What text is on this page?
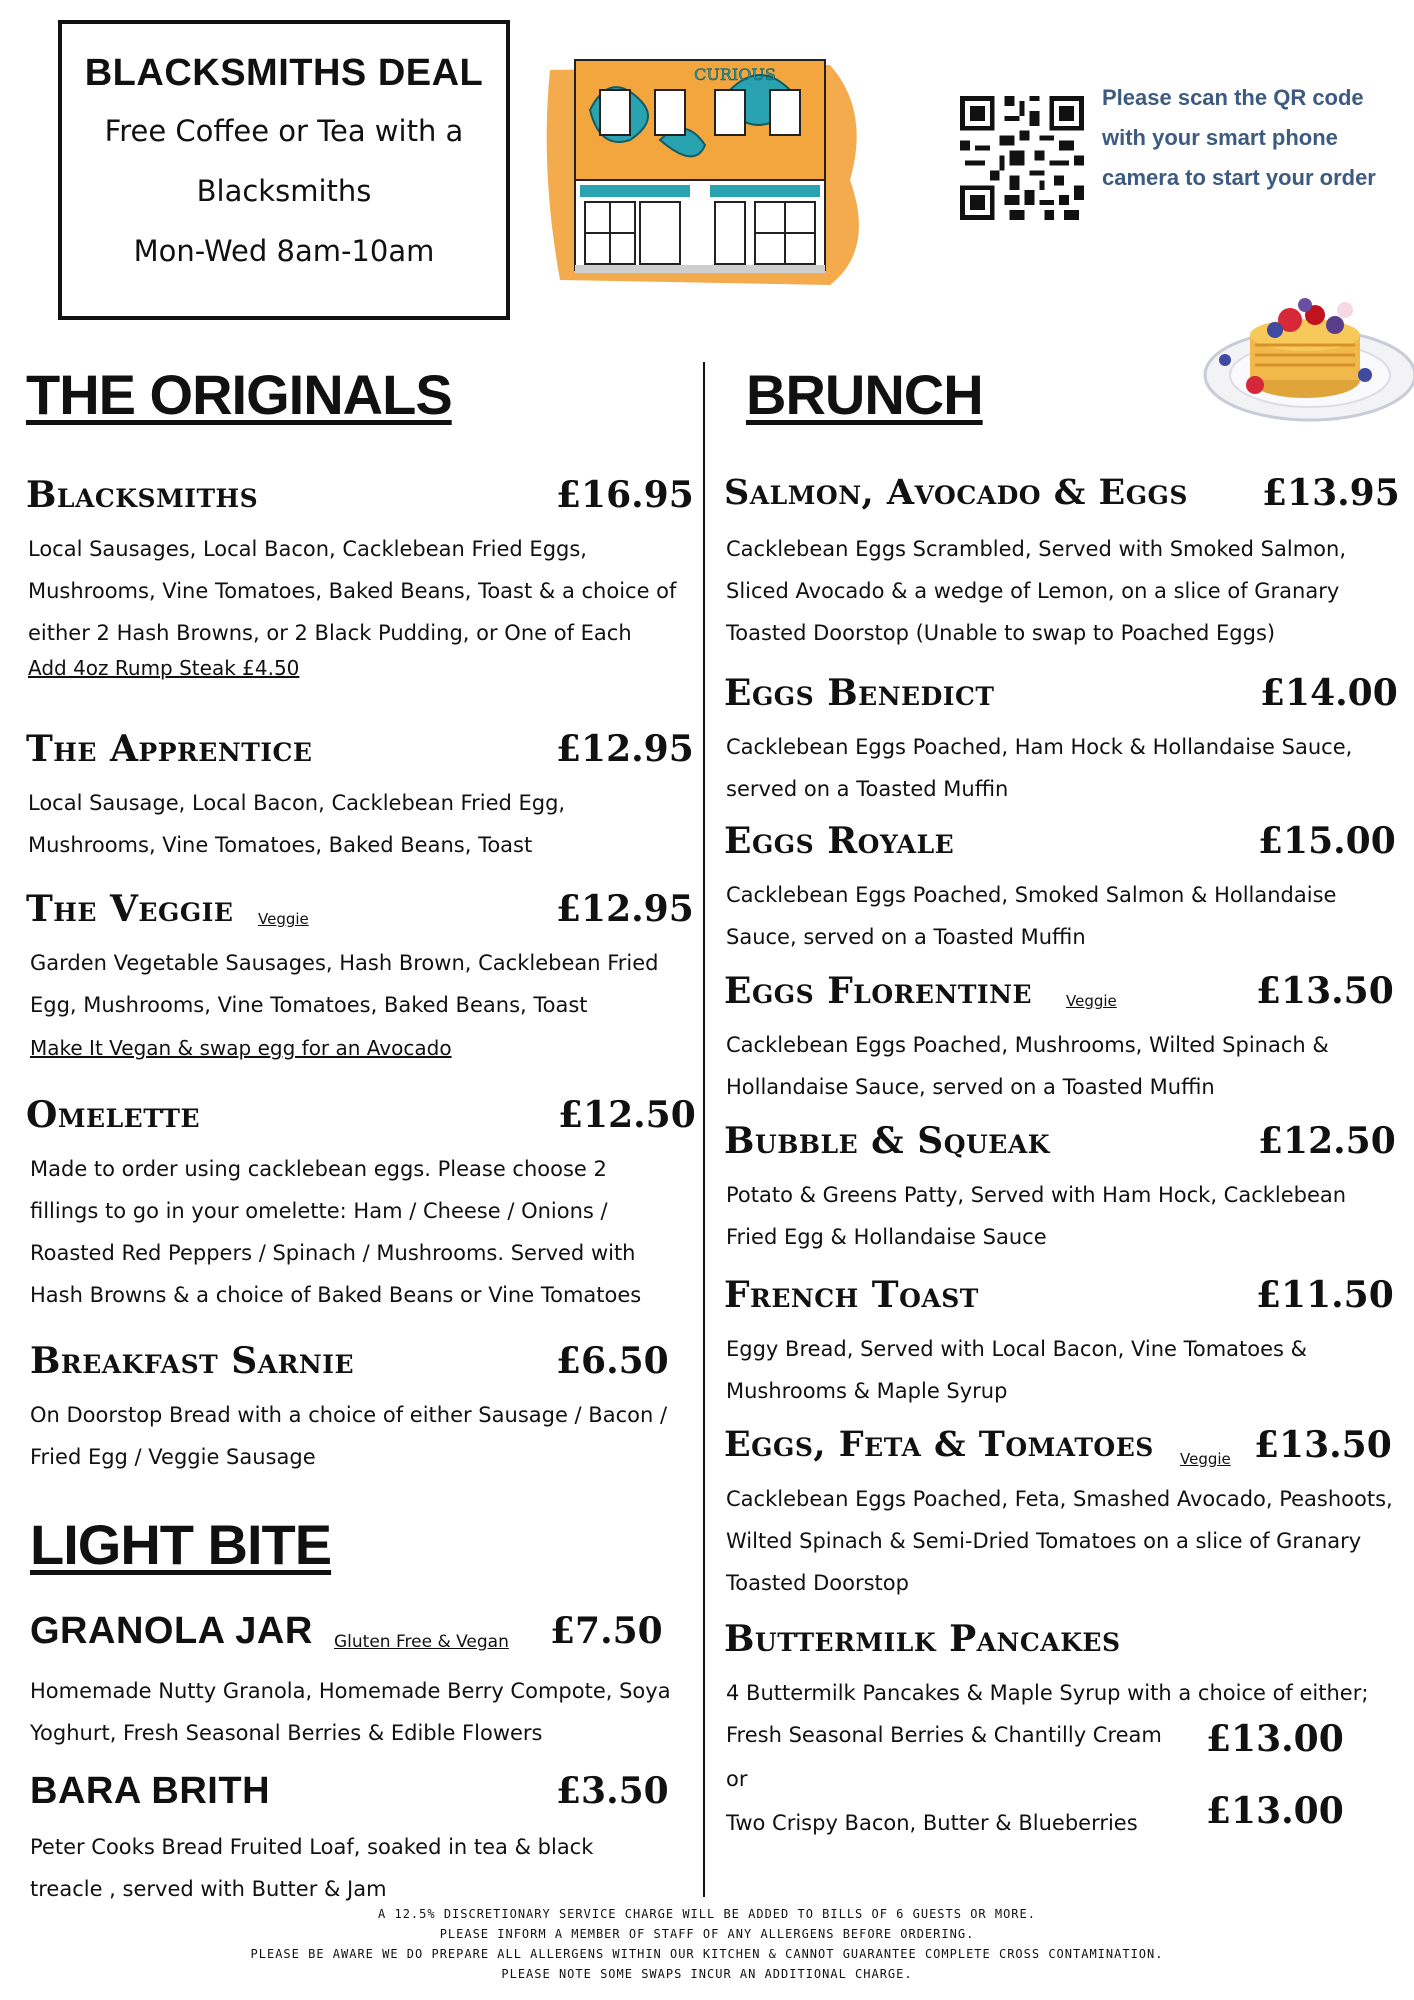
BLACKSMITHS DEAL
Free Coffee or Tea with a
Blacksmiths
Mon-Wed 8am-10am
CURIOUS
Please scan the QR code with your smart phone camera to start your order
THE ORIGINALS	BRUNCH
Blacksmiths	£16.95
Local Sausages, Local Bacon, Cacklebean Fried Eggs, Mushrooms, Vine Tomatoes, Baked Beans, Toast & a choice of either 2 Hash Browns, or 2 Black Pudding, or One of Each
Add 4oz Rump Steak £4.50
The Apprentice	£12.95
Local Sausage, Local Bacon, Cacklebean Fried Egg, Mushrooms, Vine Tomatoes, Baked Beans, Toast
The Veggie Veggie	£12.95
Garden Vegetable Sausages, Hash Brown, Cacklebean Fried Egg, Mushrooms, Vine Tomatoes, Baked Beans, Toast
Make It Vegan & swap egg for an Avocado
Omelette	£12.50
Made to order using cacklebean eggs. Please choose 2 fillings to go in your omelette: Ham / Cheese / Onions / Roasted Red Peppers / Spinach / Mushrooms. Served with Hash Browns & a choice of Baked Beans or Vine Tomatoes
Breakfast Sarnie	£6.50
On Doorstop Bread with a choice of either Sausage / Bacon / Fried Egg / Veggie Sausage
LIGHT BITE
GRANOLA JAR Gluten Free & Vegan £7.50
Homemade Nutty Granola, Homemade Berry Compote, Soya Yoghurt, Fresh Seasonal Berries & Edible Flowers
BARA BRITH	£3.50
Peter Cooks Bread Fruited Loaf, soaked in tea & black treacle , served with Butter & Jam
Salmon, Avocado & Eggs £13.95
Cacklebean Eggs Scrambled, Served with Smoked Salmon, Sliced Avocado & a wedge of Lemon, on a slice of Granary Toasted Doorstop (Unable to swap to Poached Eggs)
Eggs Benedict	£14.00
Cacklebean Eggs Poached, Ham Hock & Hollandaise Sauce, served on a Toasted Muffin
Eggs Royale	£15.00
Cacklebean Eggs Poached, Smoked Salmon & Hollandaise Sauce, served on a Toasted Muffin
Eggs Florentine Veggie	£13.50
Cacklebean Eggs Poached, Mushrooms, Wilted Spinach & Hollandaise Sauce, served on a Toasted Muffin
Bubble & Squeak	£12.50
Potato & Greens Patty, Served with Ham Hock, Cacklebean Fried Egg & Hollandaise Sauce
French Toast	£11.50
Eggy Bread, Served with Local Bacon, Vine Tomatoes & Mushrooms & Maple Syrup
Eggs, Feta & Tomatoes Veggie £13.50
Cacklebean Eggs Poached, Feta, Smashed Avocado, Peashoots, Wilted Spinach & Semi-Dried Tomatoes on a slice of Granary Toasted Doorstop
Buttermilk Pancakes
4 Buttermilk Pancakes & Maple Syrup with a choice of either;
Fresh Seasonal Berries & Chantilly Cream £13.00
or
Two Crispy Bacon, Butter & Blueberries £13.00
A 12.5% DISCRETIONARY SERVICE CHARGE WILL BE ADDED TO BILLS OF 6 GUESTS OR MORE.
PLEASE INFORM A MEMBER OF STAFF OF ANY ALLERGENS BEFORE ORDERING.
PLEASE BE AWARE WE DO PREPARE ALL ALLERGENS WITHIN OUR KITCHEN & CANNOT GUARANTEE COMPLETE CROSS CONTAMINATION.
PLEASE NOTE SOME SWAPS INCUR AN ADDITIONAL CHARGE.
